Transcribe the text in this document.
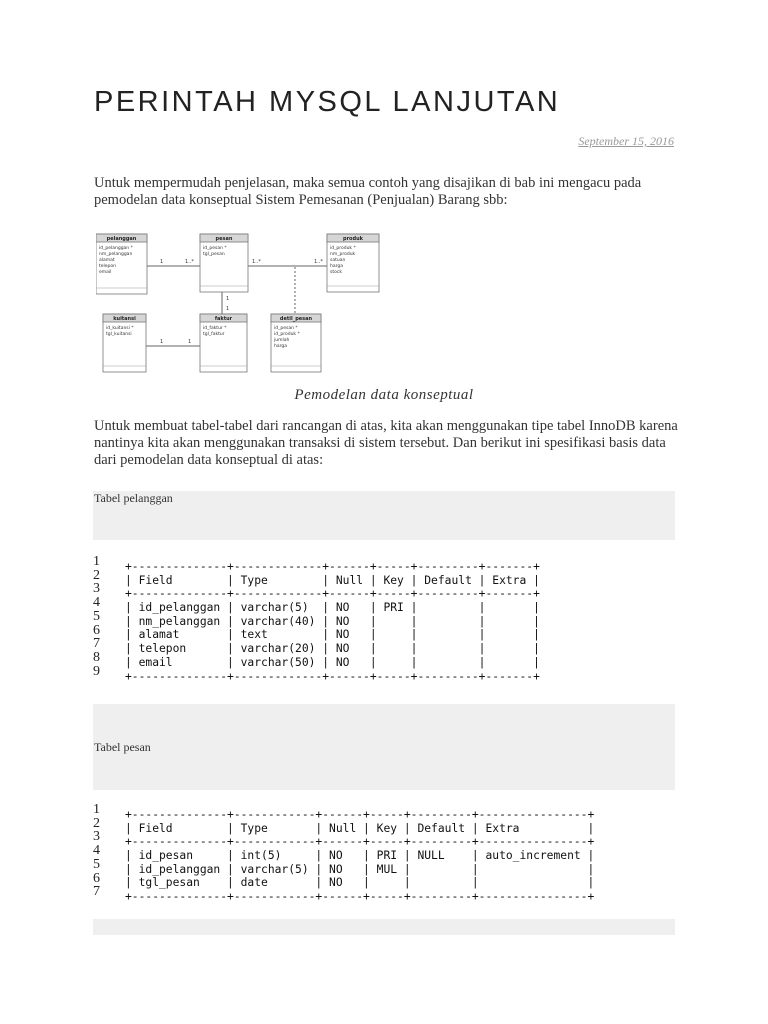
PERINTAH MYSQL LANJUTAN
September 15, 2016

Untuk mempermudah penjelasan, maka semua contoh yang disajikan di bab ini mengacu pada pemodelan data konseptual Sistem Pemesanan (Penjualan) Barang sbb:

1	1..*	1..*	1..*
1
1
1	1
pelanggan
id_pelanggan *
nm_pelanggan
alamat
telepon
email
pesan
id_pesan *
tgl_pesan
produk
id_produk *
nm_produk
satuan
harga
stock
kuitansi
id_kuitansi *
tgl_kuitansi
faktur
id_faktur *
tgl_faktur
detil_pesan
id_pesan *
id_produk *
jumlah
harga
Pemodelan data konseptual

Untuk membuat tabel-tabel dari rancangan di atas, kita akan menggunakan tipe tabel InnoDB karena nantinya kita akan menggunakan transaksi di sistem tersebut. Dan berikut ini spesifikasi basis data dari pemodelan data konseptual di atas:

Tabel pelanggan
1
2
3
4
5
6
7
8
9
+--------------+-------------+------+-----+---------+-------+
| Field        | Type        | Null | Key | Default | Extra |
+--------------+-------------+------+-----+---------+-------+
| id_pelanggan | varchar(5)  | NO   | PRI |         |       |
| nm_pelanggan | varchar(40) | NO   |     |         |       |
| alamat       | text        | NO   |     |         |       |
| telepon      | varchar(20) | NO   |     |         |       |
| email        | varchar(50) | NO   |     |         |       |
+--------------+-------------+------+-----+---------+-------+
Tabel pesan
1
2
3
4
5
6
7
+--------------+------------+------+-----+---------+----------------+
| Field        | Type       | Null | Key | Default | Extra          |
+--------------+------------+------+-----+---------+----------------+
| id_pesan     | int(5)     | NO   | PRI | NULL    | auto_increment |
| id_pelanggan | varchar(5) | NO   | MUL |         |                |
| tgl_pesan    | date       | NO   |     |         |                |
+--------------+------------+------+-----+---------+----------------+
